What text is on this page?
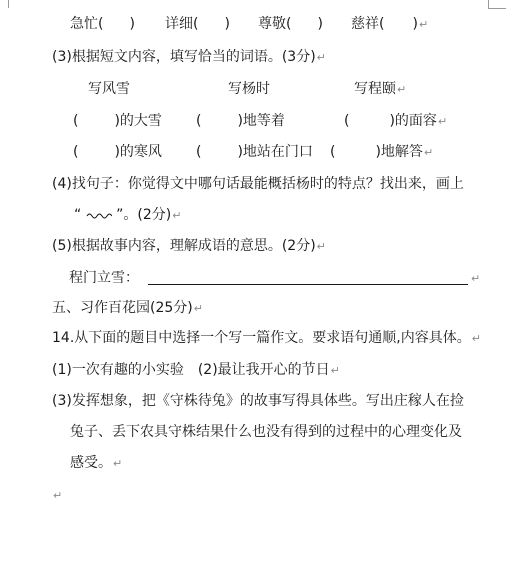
急忙( ) 详细( ) 尊敬( ) 慈祥( )↵
(3)根据短文内容，填写恰当的词语。(3分)↵
写风雪	写杨时	写程颐↵
(	)的大雪 (	)地等着	(	)的面容↵
(	)的寒风 (	)地站在门口 (	)地解答↵
(4)找句子：你觉得文中哪句话最能概括杨时的特点？找出来，画上
“ ”。(2分)↵
(5)根据故事内容，理解成语的意思。(2分)↵
程门立雪：	↵
五、习作百花园(25分)↵
14.从下面的题目中选择一个写一篇作文。要求语句通顺,内容具体。↵
(1)一次有趣的小实验　(2)最让我开心的节日↵
(3)发挥想象，把《守株待兔》的故事写得具体些。写出庄稼人在捡
兔子、丢下农具守株结果什么也没有得到的过程中的心理变化及
感受。↵
↵
